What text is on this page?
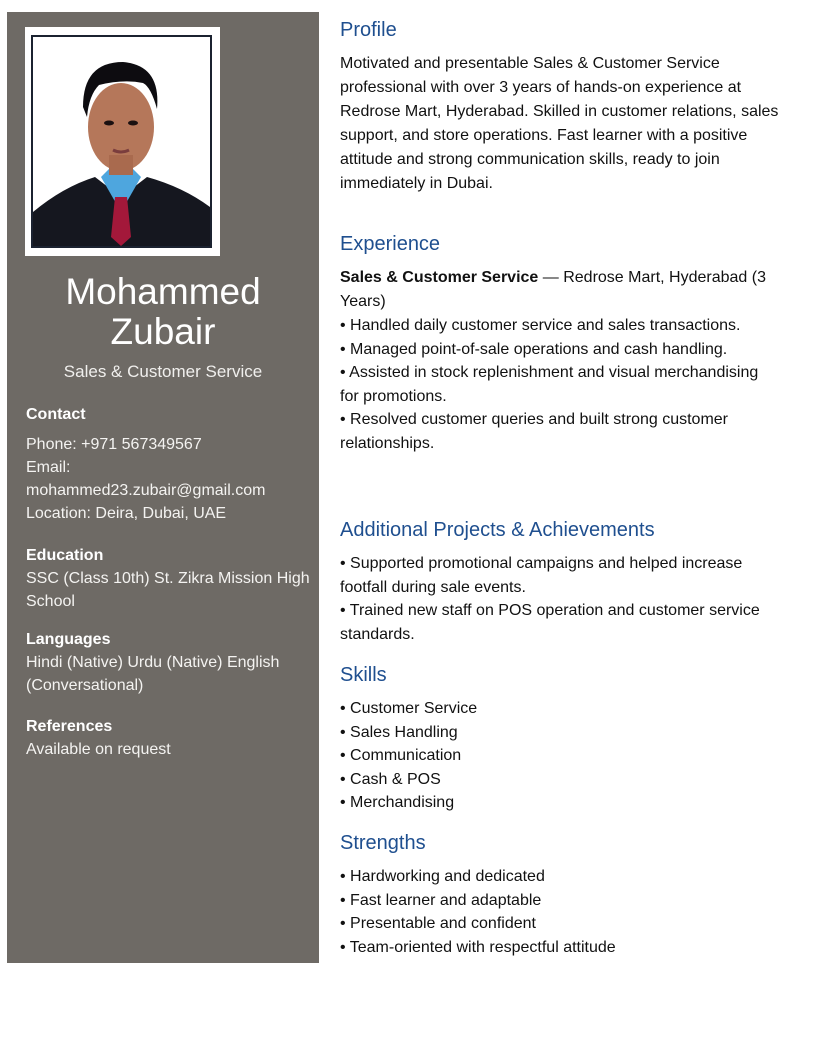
Mohammed
Zubair
Sales & Customer Service
Contact
Phone: +971 567349567
Email:
mohammed23.zubair@gmail.com
Location: Deira, Dubai, UAE
Education
SSC (Class 10th) St. Zikra Mission High School
Languages
Hindi (Native) Urdu (Native) English (Conversational)
References
Available on request
Profile

Motivated and presentable Sales & Customer Service professional with over 3 years of hands-on experience at Redrose Mart, Hyderabad. Skilled in customer relations, sales support, and store operations. Fast learner with a positive attitude and strong communication skills, ready to join immediately in Dubai.

Experience

Sales & Customer Service — Redrose Mart, Hyderabad (3 Years)

• Handled daily customer service and sales transactions.

• Managed point-of-sale operations and cash handling.

• Assisted in stock replenishment and visual merchandising for promotions.

• Resolved customer queries and built strong customer relationships.

Additional Projects & Achievements

• Supported promotional campaigns and helped increase footfall during sale events.

• Trained new staff on POS operation and customer service standards.

Skills

• Customer Service

• Sales Handling

• Communication

• Cash & POS

• Merchandising

Strengths

• Hardworking and dedicated

• Fast learner and adaptable

• Presentable and confident

• Team-oriented with respectful attitude
